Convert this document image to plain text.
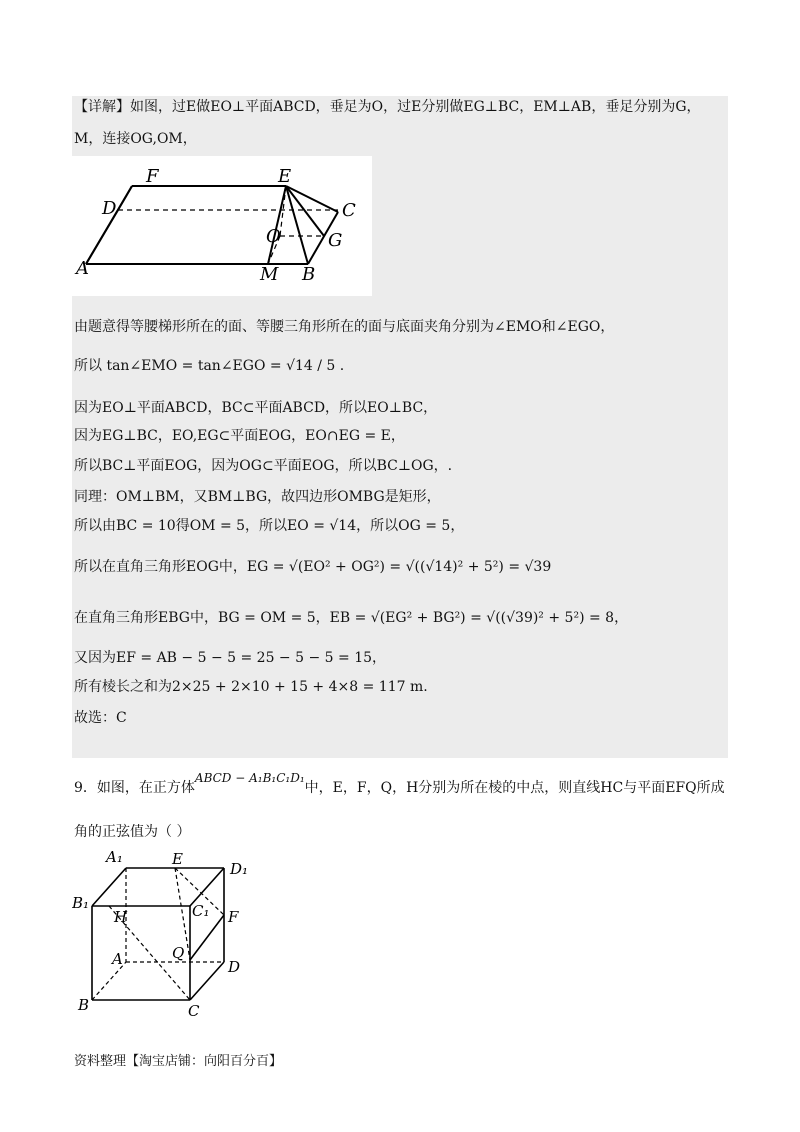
【详解】如图，过E做EO⊥平面ABCD，垂足为O，过E分别做EG⊥BC，EM⊥AB，垂足分别为G，
M，连接OG,OM，
F	E
D	C
O	G
A	M B
由题意得等腰梯形所在的面、等腰三角形所在的面与底面夹角分别为∠EMO和∠EGO，
所以 tan∠EMO = tan∠EGO = √14 / 5 .
因为EO⊥平面ABCD，BC⊂平面ABCD，所以EO⊥BC，
因为EG⊥BC，EO,EG⊂平面EOG，EO∩EG = E，
所以BC⊥平面EOG，因为OG⊂平面EOG，所以BC⊥OG，.
同理：OM⊥BM，又BM⊥BG，故四边形OMBG是矩形，
所以由BC = 10得OM = 5，所以EO = √14，所以OG = 5，
所以在直角三角形EOG中，EG = √(EO² + OG²) = √((√14)² + 5²) = √39
在直角三角形EBG中，BG = OM = 5，EB = √(EG² + BG²) = √((√39)² + 5²) = 8，
又因为EF = AB − 5 − 5 = 25 − 5 − 5 = 15，
所有棱长之和为2×25 + 2×10 + 15 + 4×8 = 117 m.
故选：C
9．如图，在正方体ABCD − A₁B₁C₁D₁中，E，F，Q，H分别为所在棱的中点，则直线HC与平面EFQ所成
角的正弦值为（ ）
A₁	E
D₁
B₁
H	C₁ F
Q
A	D
B	C
资料整理【淘宝店铺：向阳百分百】
